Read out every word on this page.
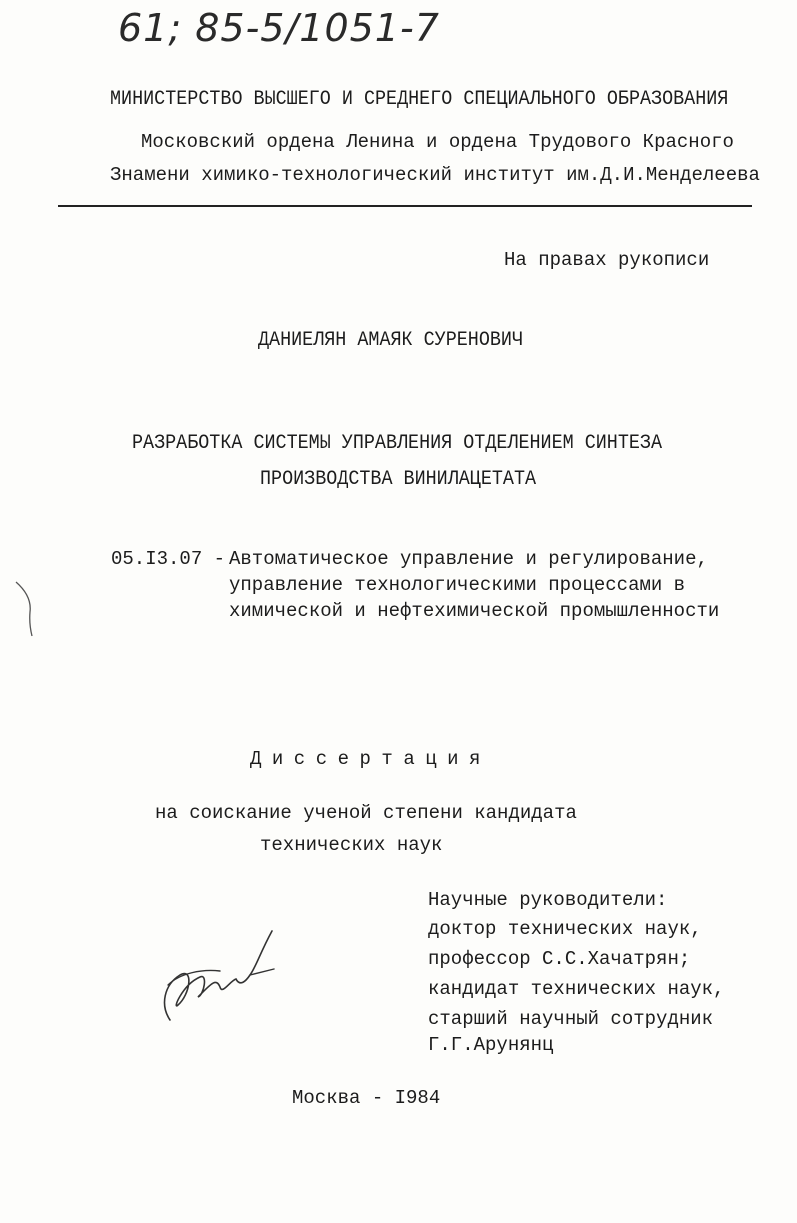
61; 85-5/1051-7
МИНИСТЕРСТВО ВЫСШЕГО И СРЕДНЕГО СПЕЦИАЛЬНОГО ОБРАЗОВАНИЯ
Московский ордена Ленина и ордена Трудового Красного
Знамени химико-технологический институт им.Д.И.Менделеева
На правах рукописи
ДАНИЕЛЯН АМАЯК СУРЕНОВИЧ
РАЗРАБОТКА СИСТЕМЫ УПРАВЛЕНИЯ ОТДЕЛЕНИЕМ СИНТЕЗА
ПРОИЗВОДСТВА ВИНИЛАЦЕТАТА
05.I3.07 - Автоматическое управление и регулирование,
управление технологическими процессами в
химической и нефтехимической промышленности
Диссертация
на соискание ученой степени кандидата
технических наук
Научные руководители:
доктор технических наук,
профессор С.С.Хачатрян;
кандидат технических наук,
старший научный сотрудник
Г.Г.Арунянц
Москва - I984
